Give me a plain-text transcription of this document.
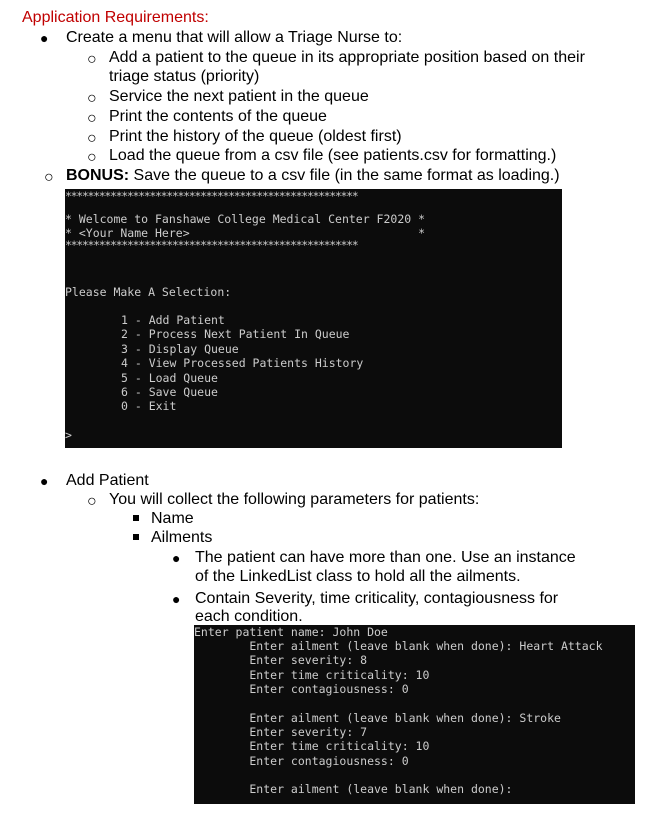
Application Requirements:
● Create a menu that will allow a Triage Nurse to:
○ Add a patient to the queue in its appropriate position based on their
triage status (priority)
○ Service the next patient in the queue
○ Print the contents of the queue
○ Print the history of the queue (oldest first)
○ Load the queue from a csv file (see patients.csv for formatting.)
○ BONUS: Save the queue to a csv file (in the same format as loading.)
****************************************************
* Welcome to Fanshawe College Medical Center F2020 *
* <Your Name Here>                                 *
****************************************************
Please Make A Selection:
1 - Add Patient
2 - Process Next Patient In Queue
3 - Display Queue
4 - View Processed Patients History
5 - Load Queue
6 - Save Queue
0 - Exit
>
● Add Patient
○ You will collect the following parameters for patients:
Name
Ailments
● The patient can have more than one. Use an instance
of the LinkedList class to hold all the ailments.
● Contain Severity, time criticality, contagiousness for
each condition.
Enter patient name: John Doe
Enter ailment (leave blank when done): Heart Attack
Enter severity: 8
Enter time criticality: 10
Enter contagiousness: 0
Enter ailment (leave blank when done): Stroke
Enter severity: 7
Enter time criticality: 10
Enter contagiousness: 0
Enter ailment (leave blank when done):
